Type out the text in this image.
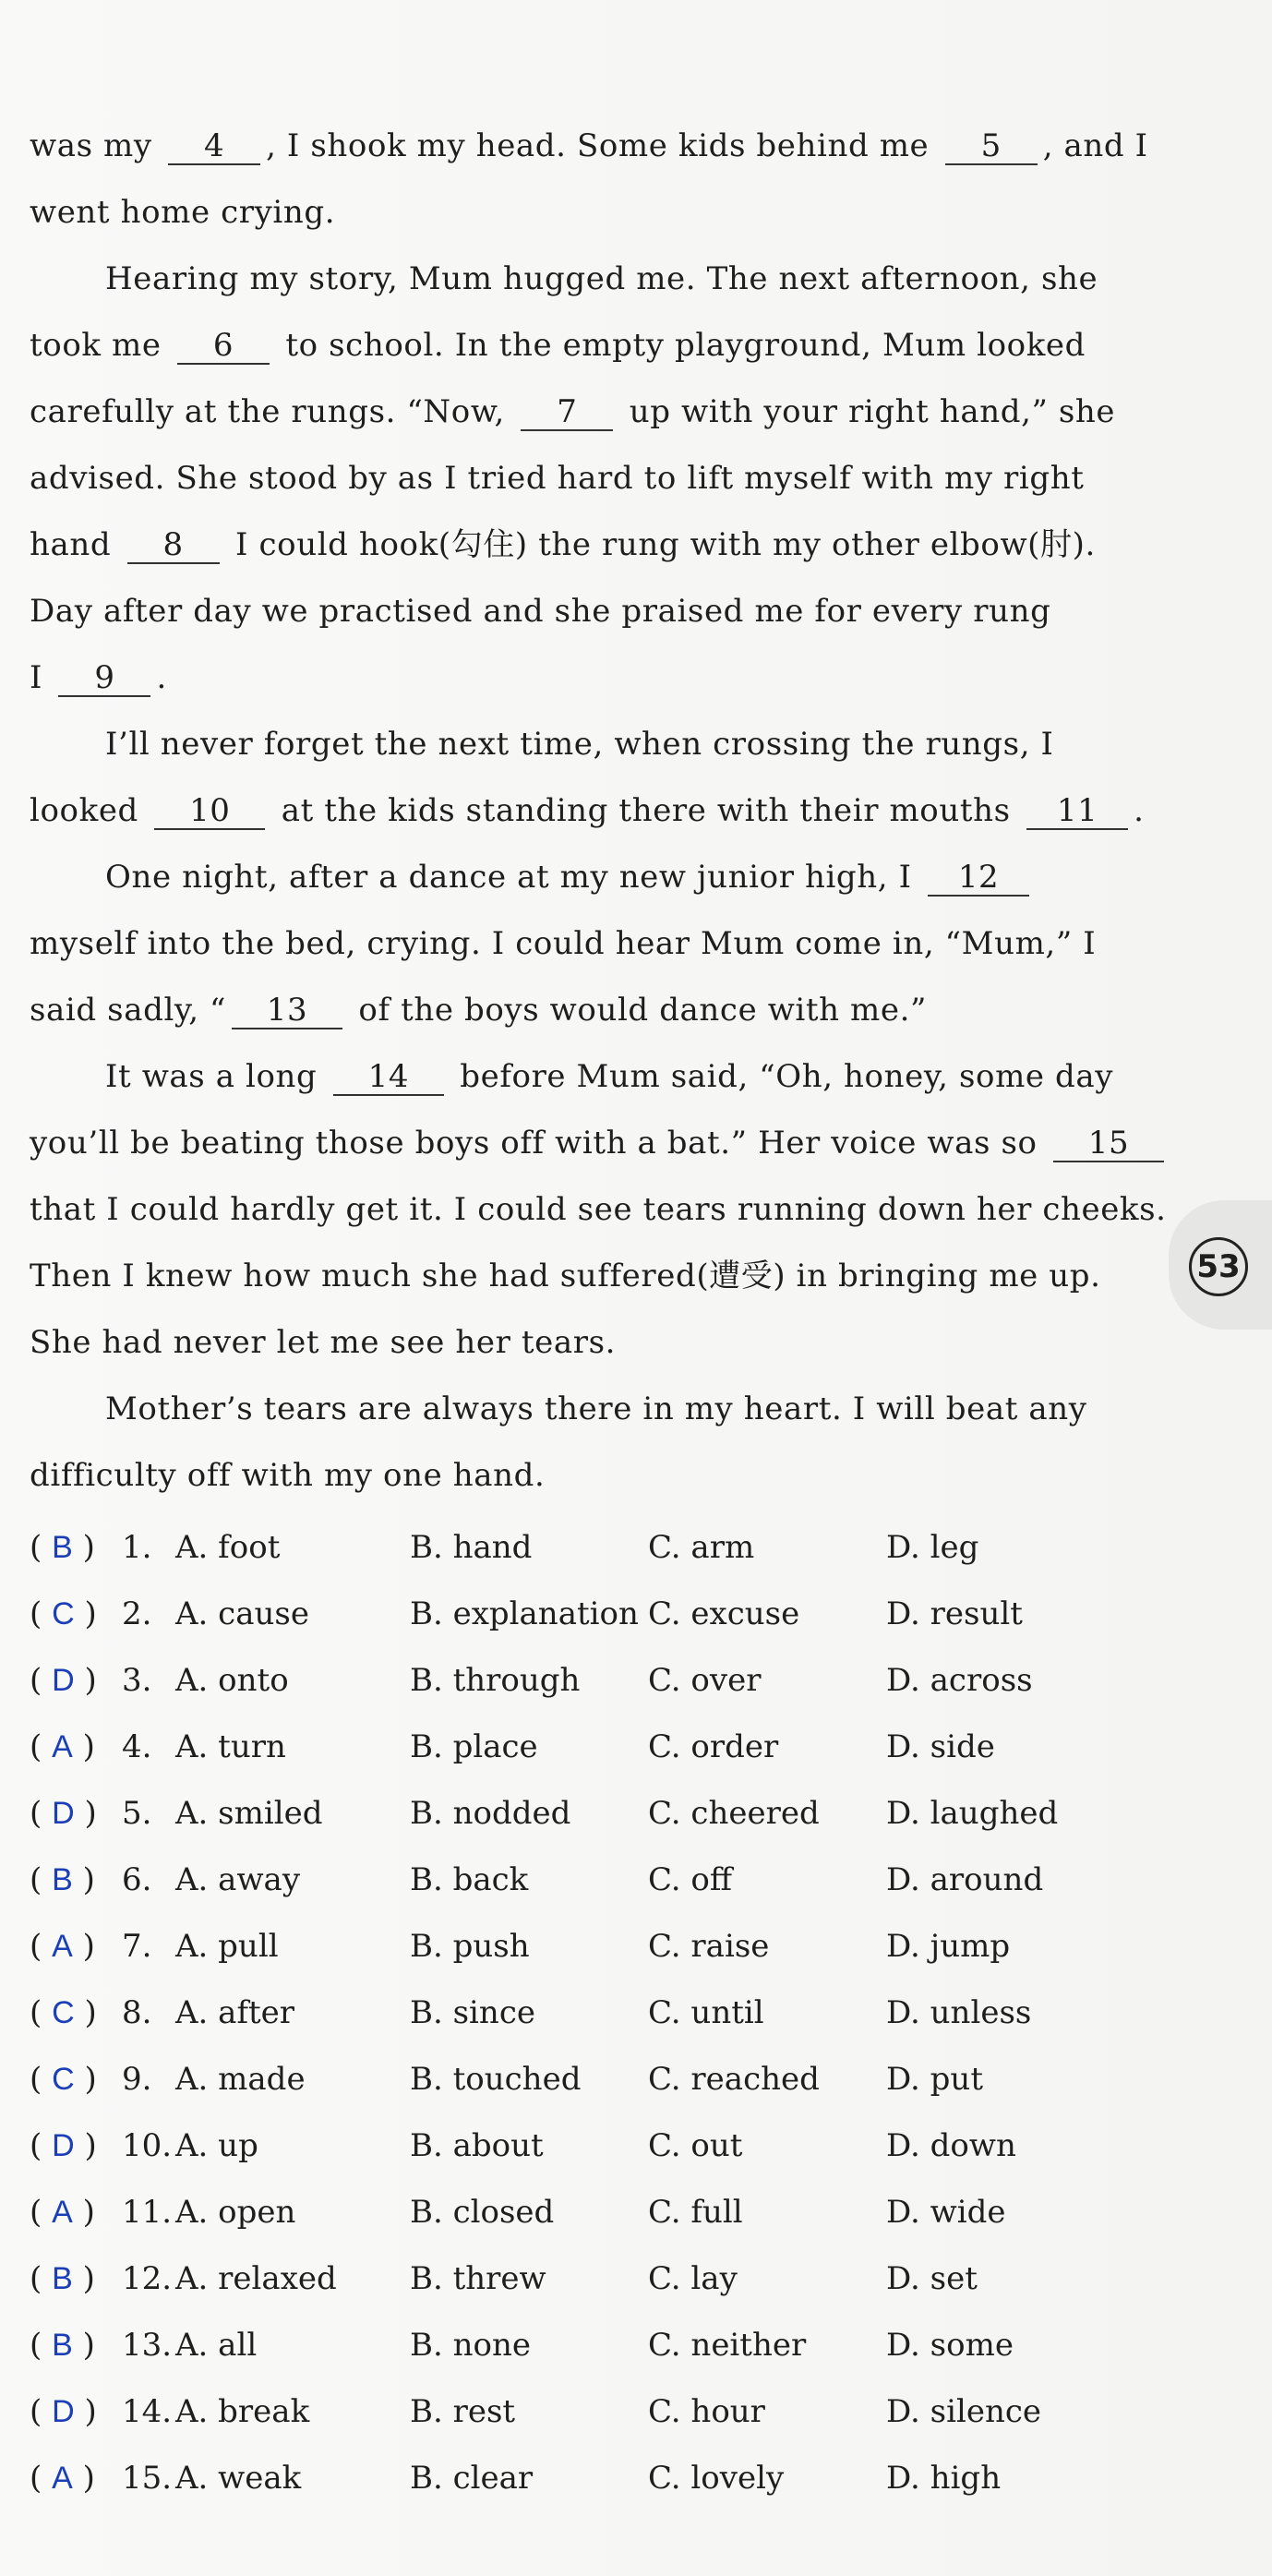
was my 4 , I shook my head. Some kids behind me 5 , and I
went home crying.
Hearing my story, Mum hugged me. The next afternoon, she
took me 6 to school. In the empty playground, Mum looked
carefully at the rungs. “Now, 7 up with your right hand,” she
advised. She stood by as I tried hard to lift myself with my right
hand 8 I could hook(勾住) the rung with my other elbow(肘).
Day after day we practised and she praised me for every rung
I 9 .
I’ll never forget the next time, when crossing the rungs, I
looked 10 at the kids standing there with their mouths 11 .
One night, after a dance at my new junior high, I 12
myself into the bed, crying. I could hear Mum come in, “Mum,” I
said sadly, “ 13 of the boys would dance with me.”
It was a long 14 before Mum said, “Oh, honey, some day
you’ll be beating those boys off with a bat.” Her voice was so 15
that I could hardly get it. I could see tears running down her cheeks.
Then I knew how much she had suffered(遭受) in bringing me up.
She had never let me see her tears.
Mother’s tears are always there in my heart. I will beat any
difficulty off with my one hand.
( B ) 1. A. foot	B. hand	C. arm	D. leg
( C ) 2. A. cause	B. explanation C. excuse	D. result
( D ) 3. A. onto	B. through C. over	D. across
( A ) 4. A. turn	B. place	C. order	D. side
( D ) 5. A. smiled	B. nodded C. cheered D. laughed
( B ) 6. A. away	B. back	C. off	D. around
( A ) 7. A. pull	B. push	C. raise	D. jump
( C ) 8. A. after	B. since	C. until	D. unless
( C ) 9. A. made	B. touched C. reached D. put
( D ) 10. A. up	B. about	C. out	D. down
( A ) 11. A. open	B. closed	C. full	D. wide
( B ) 12. A. relaxed B. threw	C. lay	D. set
( B ) 13. A. all	B. none	C. neither	D. some
( D ) 14. A. break	B. rest	C. hour	D. silence
( A ) 15. A. weak	B. clear	C. lovely	D. high
53
